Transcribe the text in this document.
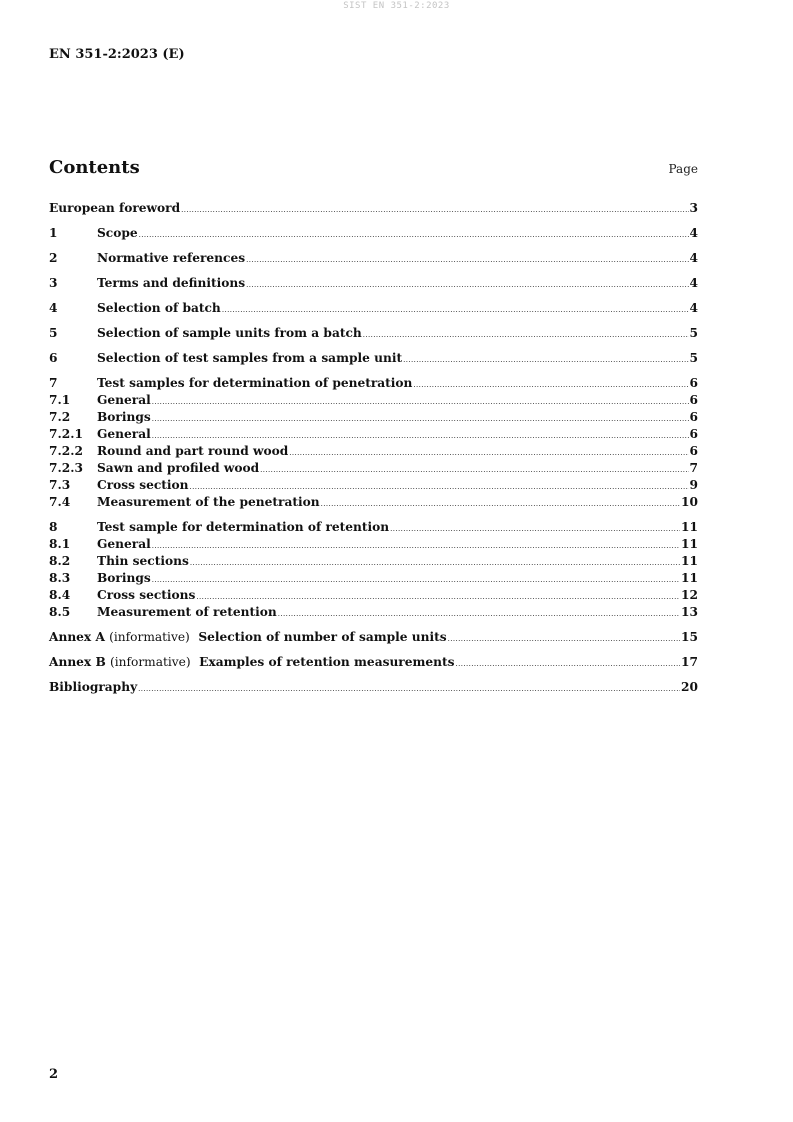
SIST EN 351-2:2023
EN 351-2:2023 (E)
Contents	Page
European foreword .....	3
1	Scope .....	4
2	Normative references .....	4
3	Terms and definitions .....	4
4	Selection of batch .....	4
5	Selection of sample units from a batch .....	5
6	Selection of test samples from a sample unit .....	5
7	Test samples for determination of penetration .....	6
7.1	General .....	6
7.2	Borings .....	6
7.2.1	General .....	6
7.2.2	Round and part round wood .....	6
7.2.3	Sawn and profiled wood .....	7
7.3	Cross section .....	9
7.4	Measurement of the penetration .....	10
8	Test sample for determination of retention .....	11
8.1	General .....	11
8.2	Thin sections .....	11
8.3	Borings .....	11
8.4	Cross sections .....	12
8.5	Measurement of retention .....	13
Annex A (informative) Selection of number of sample units .....	15
Annex B (informative) Examples of retention measurements .....	17
Bibliography .....	20
2
